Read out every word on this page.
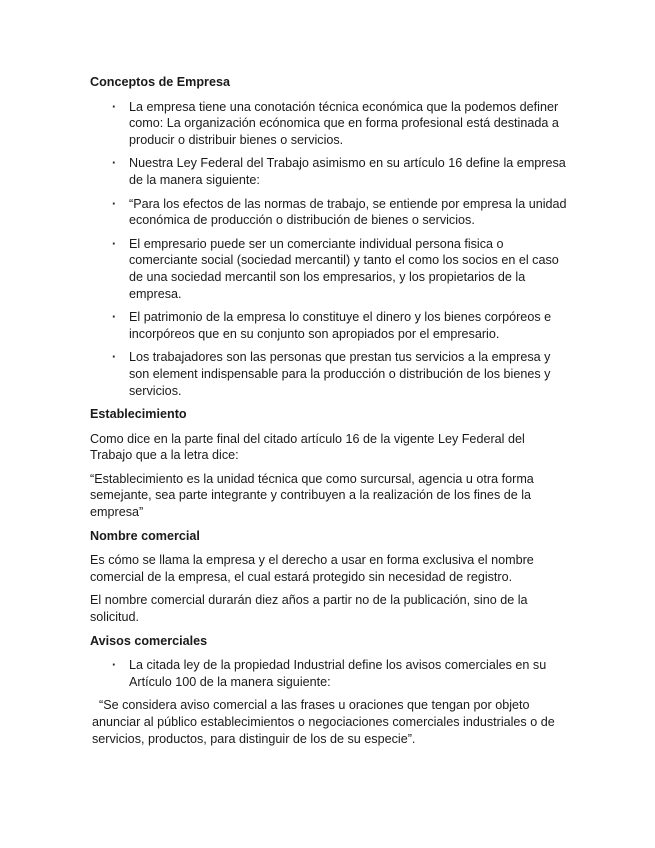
Conceptos de Empresa
· La empresa tiene una conotación técnica económica que la podemos definer como: La organización ecónomica que en forma profesional está destinada a producir o distribuir bienes o servicios.
· Nuestra Ley Federal del Trabajo asimismo en su artículo 16 define la empresa de la manera siguiente:
· “Para los efectos de las normas de trabajo, se entiende por empresa la unidad económica de producción o distribución de bienes o servicios.
· El empresario puede ser un comerciante individual persona fisica o comerciante social (sociedad mercantil) y tanto el como los socios en el caso de una sociedad mercantil son los empresarios, y los propietarios de la empresa.
· El patrimonio de la empresa lo constituye el dinero y los bienes corpóreos e incorpóreos que en su conjunto son apropiados por el empresario.
· Los trabajadores son las personas que prestan tus servicios a la empresa y son element indispensable para la producción o distribución de los bienes y servicios.
Establecimiento

Como dice en la parte final del citado artículo 16 de la vigente Ley Federal del Trabajo que a la letra dice:

“Establecimiento es la unidad técnica que como surcursal, agencia u otra forma semejante, sea parte integrante y contribuyen a la realización de los fines de la empresa”

Nombre comercial

Es cómo se llama la empresa y el derecho a usar en forma exclusiva el nombre comercial de la empresa, el cual estará protegido sin necesidad de registro.

El nombre comercial durarán diez años a partir no de la publicación, sino de la solicitud.

Avisos comerciales
· La citada ley de la propiedad Industrial define los avisos comerciales en su Artículo 100 de la manera siguiente:

“Se considera aviso comercial a las frases u oraciones que tengan por objeto anunciar al público establecimientos o negociaciones comerciales industriales o de servicios, productos, para distinguir de los de su especie”.
